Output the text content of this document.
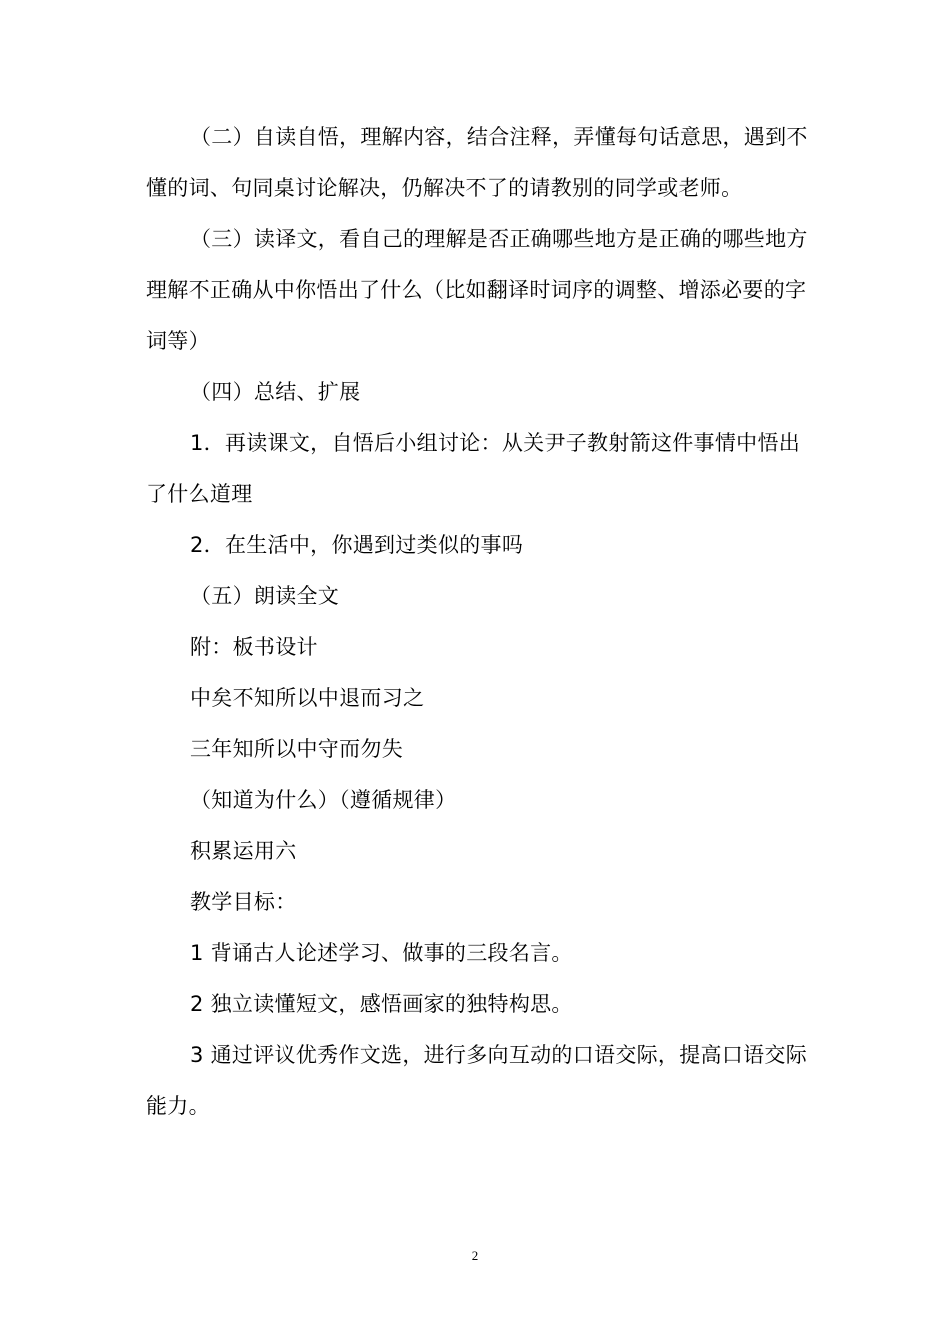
（二）自读自悟，理解内容，结合注释，弄懂每句话意思，遇到不懂的词、句同桌讨论解决，仍解决不了的请教别的同学或老师。

（三）读译文，看自己的理解是否正确哪些地方是正确的哪些地方理解不正确从中你悟出了什么（比如翻译时词序的调整、增添必要的字词等）

（四）总结、扩展

1．再读课文，自悟后小组讨论：从关尹子教射箭这件事情中悟出了什么道理

2．在生活中，你遇到过类似的事吗

（五）朗读全文

附：板书设计

中矣不知所以中退而习之

三年知所以中守而勿失

（知道为什么）（遵循规律）

积累运用六

教学目标：

1 背诵古人论述学习、做事的三段名言。

2 独立读懂短文，感悟画家的独特构思。

3 通过评议优秀作文选，进行多向互动的口语交际，提高口语交际能力。

2
